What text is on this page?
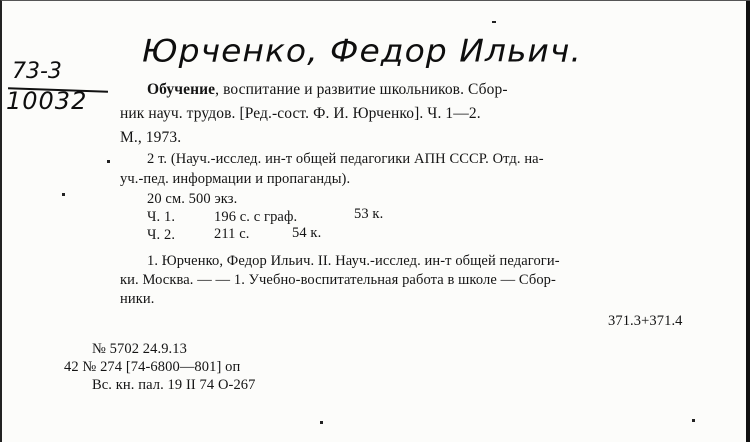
Юрченко, Федор Ильич.
73-3
10032	Обучение, воспитание и развитие школьников. Сбор-
ник науч. трудов. [Ред.-сост. Ф. И. Юрченко]. Ч. 1—2.
М., 1973.
2 т. (Науч.-исслед. ин-т общей педагогики АПН СССР. Отд. на-
уч.-пед. информации и пропаганды).
20 см. 500 экз.
Ч. 1.	196 с. с граф.	53 к.
Ч. 2.	211 с.	54 к.
1. Юрченко, Федор Ильич. II. Науч.-исслед. ин-т общей педагоги-
ки. Москва. — — 1. Учебно-воспитательная работа в школе — Сбор-
ники.
371.3+371.4
№ 5702 24.9.13
42 № 274 [74-6800—801] оп
Вс. кн. пал. 19 II 74 О-267
